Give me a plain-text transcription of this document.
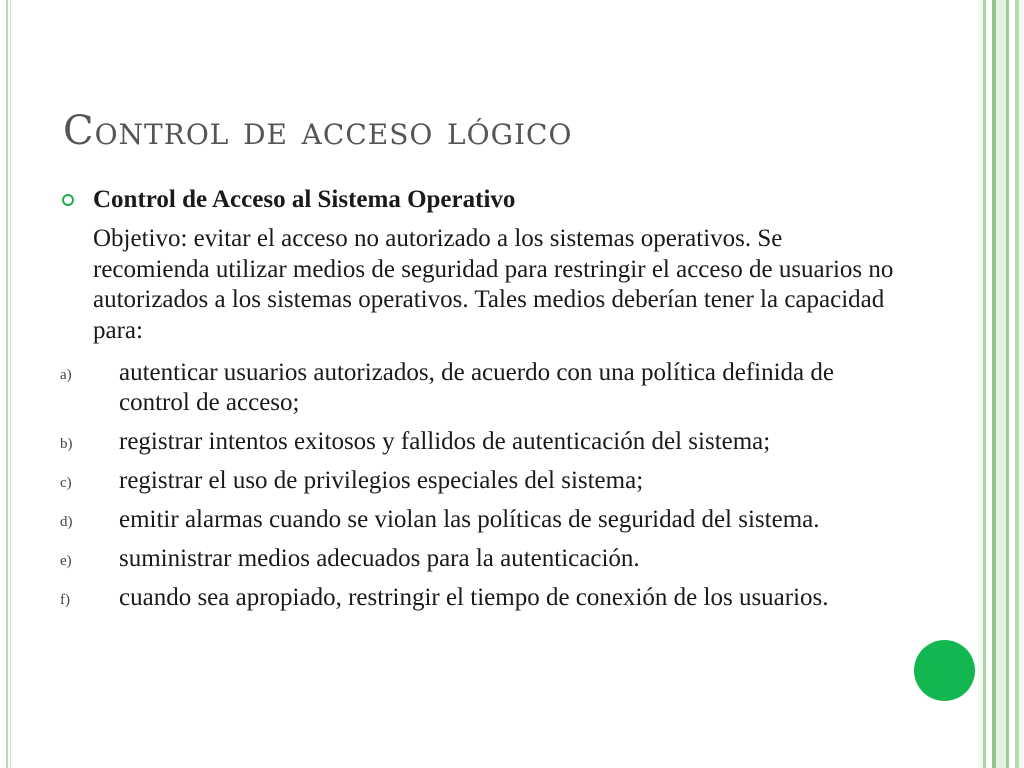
Control de acceso lógico
Control de Acceso al Sistema Operativo
Objetivo: evitar el acceso no autorizado a los sistemas operativos. Se recomienda utilizar medios de seguridad para restringir el acceso de usuarios no autorizados a los sistemas operativos. Tales medios deberían tener la capacidad para:
a) autenticar usuarios autorizados, de acuerdo con una política definida de control de acceso;
b) registrar intentos exitosos y fallidos de autenticación del sistema;
c) registrar el uso de privilegios especiales del sistema;
d) emitir alarmas cuando se violan las políticas de seguridad del sistema.
e) suministrar medios adecuados para la autenticación.
f) cuando sea apropiado, restringir el tiempo de conexión de los usuarios.
